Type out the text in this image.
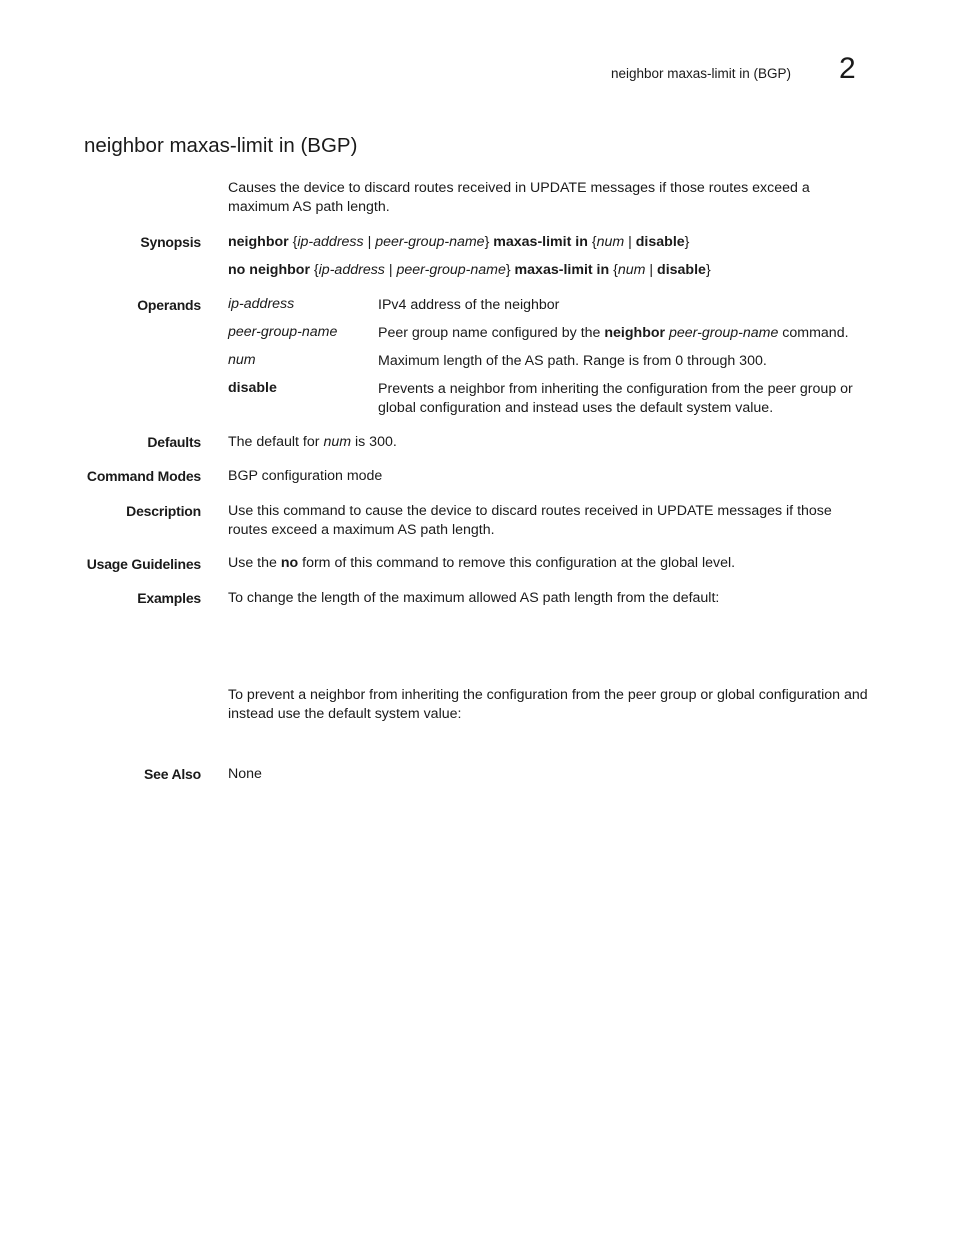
neighbor maxas-limit in (BGP) 2
neighbor maxas-limit in (BGP)
Causes the device to discard routes received in UPDATE messages if those routes exceed a maximum AS path length.
Synopsis neighbor {ip-address | peer-group-name} maxas-limit in {num | disable}
no neighbor {ip-address | peer-group-name} maxas-limit in {num | disable}
Operands ip-address	IPv4 address of the neighbor
peer-group-name	Peer group name configured by the neighbor peer-group-name command.
num	Maximum length of the AS path. Range is from 0 through 300.
disable	Prevents a neighbor from inheriting the configuration from the peer group or global configuration and instead uses the default system value.
Defaults The default for num is 300.
Command Modes BGP configuration mode
Description Use this command to cause the device to discard routes received in UPDATE messages if those routes exceed a maximum AS path length.
Usage Guidelines Use the no form of this command to remove this configuration at the global level.
Examples To change the length of the maximum allowed AS path length from the default:
To prevent a neighbor from inheriting the configuration from the peer group or global configuration and instead use the default system value:
See Also None
